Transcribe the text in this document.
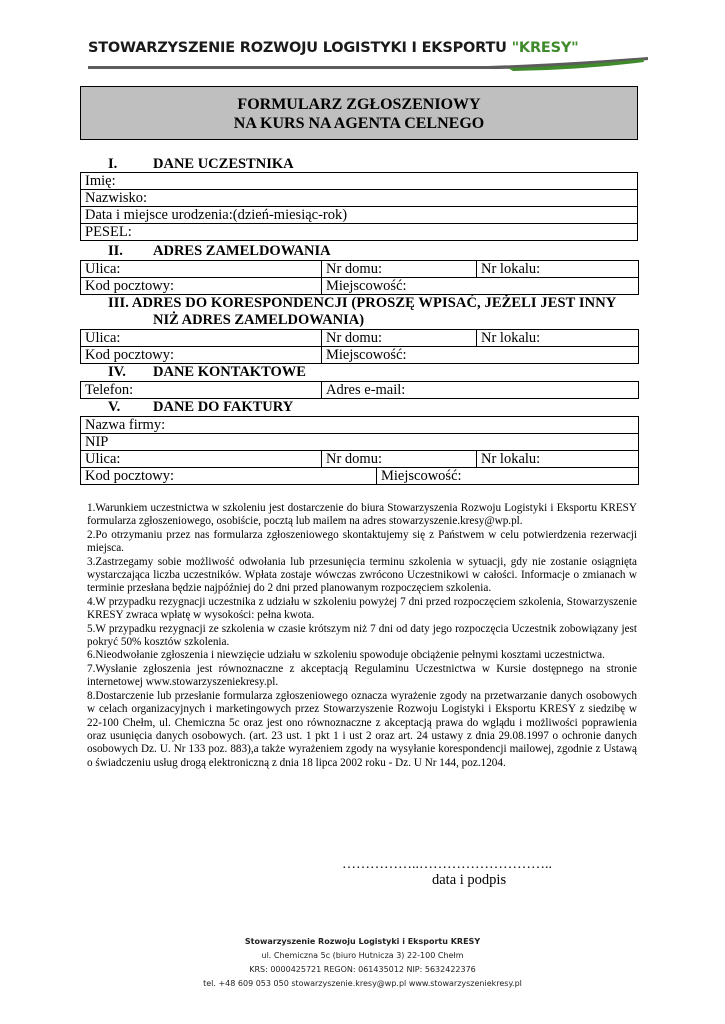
STOWARZYSZENIE ROZWOJU LOGISTYKI I EKSPORTU "KRESY"
FORMULARZ ZGŁOSZENIOWY
NA KURS NA AGENTA CELNEGO
I. DANE UCZESTNIKA
Imię:
Nazwisko:
Data i miejsce urodzenia:(dzień-miesiąc-rok)
PESEL:
II. ADRES ZAMELDOWANIA
Ulica:	Nr domu:	Nr lokalu:
Kod pocztowy:	Miejscowość:	
III. ADRES DO KORESPONDENCJI (PROSZĘ WPISAĆ, JEŻELI JEST INNY
NIŻ ADRES ZAMELDOWANIA)
Ulica:	Nr domu:	Nr lokalu:
Kod pocztowy:	Miejscowość:	
IV. DANE KONTAKTOWE
Telefon:	Adres e-mail:
V. DANE DO FAKTURY
Nazwa firmy:			
NIP			
Ulica:	Nr domu:		Nr lokalu:
Kod pocztowy:		Miejscowość:	

1.Warunkiem uczestnictwa w szkoleniu jest dostarczenie do biura Stowarzyszenia Rozwoju Logistyki i Eksportu KRESY formularza zgłoszeniowego, osobiście, pocztą lub mailem na adres stowarzyszenie.kresy@wp.pl.

2.Po otrzymaniu przez nas formularza zgłoszeniowego skontaktujemy się z Państwem w celu potwierdzenia rezerwacji miejsca.

3.Zastrzegamy sobie możliwość odwołania lub przesunięcia terminu szkolenia w sytuacji, gdy nie zostanie osiągnięta wystarczająca liczba uczestników. Wpłata zostaje wówczas zwrócono Uczestnikowi w całości. Informacje o zmianach w terminie przesłana będzie najpóźniej do 2 dni przed planowanym rozpoczęciem szkolenia.

4.W przypadku rezygnacji uczestnika z udziału w szkoleniu powyżej 7 dni przed rozpoczęciem szkolenia, Stowarzyszenie KRESY zwraca wpłatę w wysokości: pełna kwota.

5.W przypadku rezygnacji ze szkolenia w czasie krótszym niż 7 dni od daty jego rozpoczęcia Uczestnik zobowiązany jest pokryć 50% kosztów szkolenia.

6.Nieodwołanie zgłoszenia i niewzięcie udziału w szkoleniu spowoduje obciążenie pełnymi kosztami uczestnictwa.

7.Wysłanie zgłoszenia jest równoznaczne z akceptacją Regulaminu Uczestnictwa w Kursie dostępnego na stronie internetowej www.stowarzyszeniekresy.pl.

8.Dostarczenie lub przesłanie formularza zgłoszeniowego oznacza wyrażenie zgody na przetwarzanie danych osobowych w celach organizacyjnych i marketingowych przez Stowarzyszenie Rozwoju Logistyki i Eksportu KRESY z siedzibę w 22-100 Chełm, ul. Chemiczna 5c oraz jest ono równoznaczne z akceptacją prawa do wglądu i możliwości poprawienia oraz usunięcia danych osobowych. (art. 23 ust. 1 pkt 1 i ust 2 oraz art. 24 ustawy z dnia 29.08.1997 o ochronie danych osobowych Dz. U. Nr 133 poz. 883),a także wyrażeniem zgody na wysyłanie korespondencji mailowej, zgodnie z Ustawą o świadczeniu usług drogą elektroniczną z dnia 18 lipca 2002 roku - Dz. U Nr 144, poz.1204.

……………..………………………..
data i podpis
Stowarzyszenie Rozwoju Logistyki i Eksportu KRESY
ul. Chemiczna 5c (biuro Hutnicza 3) 22-100 Chełm
KRS: 0000425721 REGON: 061435012 NIP: 5632422376
tel. +48 609 053 050 stowarzyszenie.kresy@wp.pl www.stowarzyszeniekresy.pl
